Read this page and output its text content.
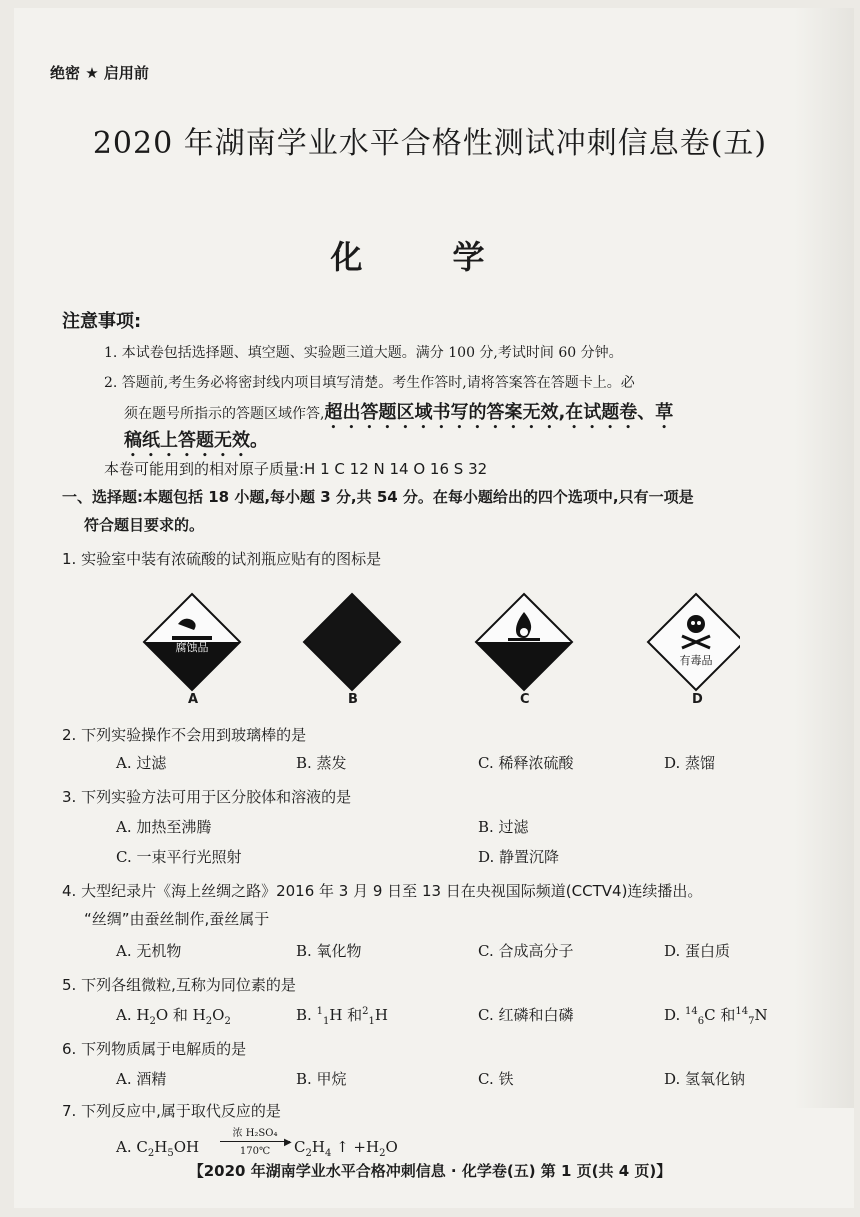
绝密 ★ 启用前
2020 年湖南学业水平合格性测试冲刺信息卷(五)
化学
注意事项:
1. 本试卷包括选择题、填空题、实验题三道大题。满分 100 分,考试时间 60 分钟。
2. 答题前,考生务必将密封线内项目填写清楚。考生作答时,请将答案答在答题卡上。必
须在题号所指示的答题区域作答,超出答题区域书写的答案无效,在试题卷、草
稿纸上答题无效。
本卷可能用到的相对原子质量:H 1 C 12 N 14 O 16 S 32
一、选择题:本题包括 18 小题,每小题 3 分,共 54 分。在每小题给出的四个选项中,只有一项是
符合题目要求的。
1. 实验室中装有浓硫酸的试剂瓶应贴有的图标是
腐蚀品
有毒品
A	B	C	D
2. 下列实验操作不会用到玻璃棒的是
A. 过滤	B. 蒸发	C. 稀释浓硫酸	D. 蒸馏
3. 下列实验方法可用于区分胶体和溶液的是
A. 加热至沸腾	B. 过滤
C. 一束平行光照射	D. 静置沉降
4. 大型纪录片《海上丝绸之路》2016 年 3 月 9 日至 13 日在央视国际频道(CCTV4)连续播出。
“丝绸”由蚕丝制作,蚕丝属于
A. 无机物	B. 氧化物	C. 合成高分子	D. 蛋白质
5. 下列各组微粒,互称为同位素的是
A. $H_2O$ 和 $H_2O_2$	B. $^1_1$H 和$^2_1$H	C. 红磷和白磷	D. $^{14}_6$C 和$^{14}_7$N
6. 下列物质属于电解质的是
A. 酒精	B. 甲烷	C. 铁	D. 氢氧化钠
7. 下列反应中,属于取代反应的是
A. $C_2H_5OH$
浓 H₂SO₄
▶
170℃	$C_2H_4$ ↑ $+H_2O$
【2020 年湖南学业水平合格冲刺信息 · 化学卷(五) 第 1 页(共 4 页)】
